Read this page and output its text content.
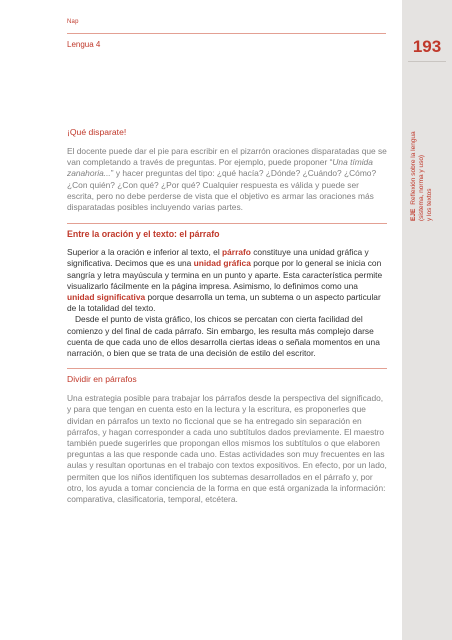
Nap
Lengua 4	193
EJEReflexión sobre la lengua (sistema, norma y uso) y los textos
¡Qué disparate!

El docente puede dar el pie para escribir en el pizarrón oraciones disparatadas que se van completando a través de preguntas. Por ejemplo, puede proponer “Una tímida zanahoria...” y hacer preguntas del tipo: ¿qué hacía? ¿Dónde? ¿Cuándo? ¿Cómo? ¿Con quién? ¿Con qué? ¿Por qué? Cualquier respuesta es válida y puede ser escrita, pero no debe perderse de vista que el objetivo es armar las oraciones más disparatadas posibles incluyendo varias partes.

Entre la oración y el texto: el párrafo

Superior a la oración e inferior al texto, el párrafo constituye una unidad gráfica y significativa. Decimos que es una unidad gráfica porque por lo general se inicia con sangría y letra mayúscula y termina en un punto y aparte. Esta característica permite visualizarlo fácilmente en la página impresa. Asimismo, lo definimos como una unidad significativa porque desarrolla un tema, un subtema o un aspecto particular de la totalidad del texto.

Desde el punto de vista gráfico, los chicos se percatan con cierta facilidad del comienzo y del final de cada párrafo. Sin embargo, les resulta más complejo darse cuenta de que cada uno de ellos desarrolla ciertas ideas o señala momentos en una narración, o bien que se trata de una decisión de estilo del escritor.

Dividir en párrafos

Una estrategia posible para trabajar los párrafos desde la perspectiva del significado, y para que tengan en cuenta esto en la lectura y la escritura, es proponerles que dividan en párrafos un texto no ficcional que se ha entregado sin separación en párrafos, y hagan corresponder a cada uno subtítulos dados previamente. El maestro también puede sugerirles que propongan ellos mismos los subtítulos o que elaboren preguntas a las que responde cada uno. Estas actividades son muy frecuentes en las aulas y resultan oportunas en el trabajo con textos expositivos. En efecto, por un lado, permiten que los niños identifiquen los subtemas desarrollados en el párrafo y, por otro, los ayuda a tomar conciencia de la forma en que está organizada la información: comparativa, clasificatoria, temporal, etcétera.
